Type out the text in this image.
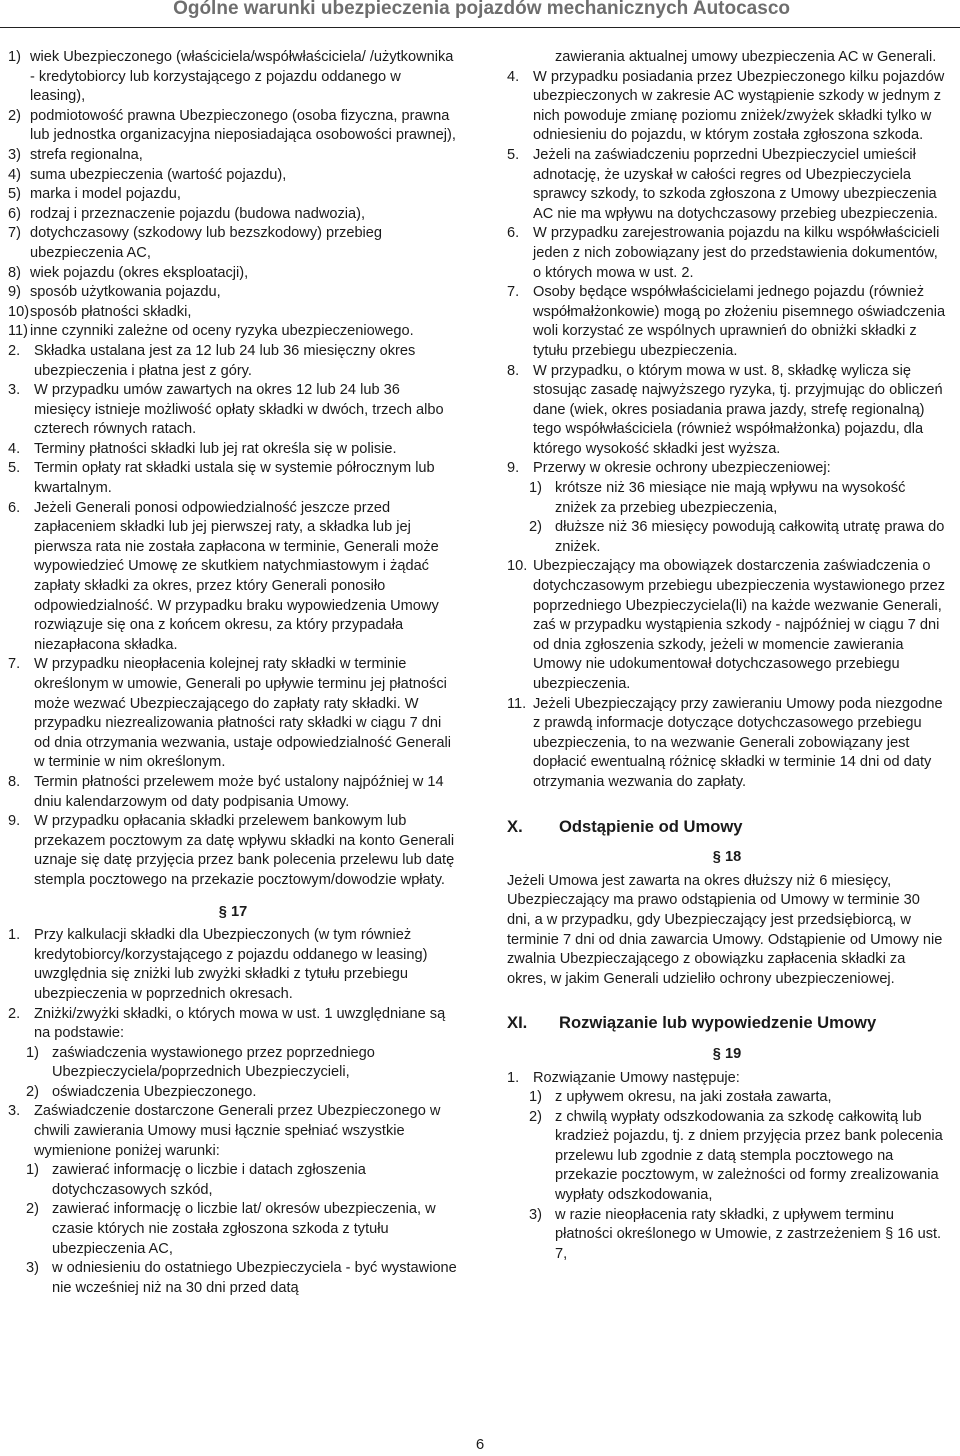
Ogólne warunki ubezpieczenia pojazdów mechanicznych Autocasco
1) wiek Ubezpieczonego (właściciela/współwłaściciela/ /użytkownika - kredytobiorcy lub korzystającego z pojazdu oddanego w leasing),
2) podmiotowość prawna Ubezpieczonego (osoba fizyczna, prawna lub jednostka organizacyjna nieposiadająca osobowości prawnej),
3) strefa regionalna,
4) suma ubezpieczenia (wartość pojazdu),
5) marka i model pojazdu,
6) rodzaj i przeznaczenie pojazdu (budowa nadwozia),
7) dotychczasowy (szkodowy lub bezszkodowy) przebieg ubezpieczenia AC,
8) wiek pojazdu (okres eksploatacji),
9) sposób użytkowania pojazdu,
10) sposób płatności składki,
11) inne czynniki zależne od oceny ryzyka ubezpieczeniowego.
2. Składka ustalana jest za 12 lub 24 lub 36 miesięczny okres ubezpieczenia i płatna jest z góry.
3. W przypadku umów zawartych na okres 12 lub 24 lub 36 miesięcy istnieje możliwość opłaty składki w dwóch, trzech albo czterech równych ratach.
4. Terminy płatności składki lub jej rat określa się w polisie.
5. Termin opłaty rat składki ustala się w systemie półrocznym lub kwartalnym.
6. Jeżeli Generali ponosi odpowiedzialność jeszcze przed zapłaceniem składki lub jej pierwszej raty, a składka lub jej pierwsza rata nie została zapłacona w terminie, Generali może wypowiedzieć Umowę ze skutkiem natychmiastowym i żądać zapłaty składki za okres, przez który Generali ponosiło odpowiedzialność. W przypadku braku wypowiedzenia Umowy rozwiązuje się ona z końcem okresu, za który przypadała niezapłacona składka.
7. W przypadku nieopłacenia kolejnej raty składki w terminie określonym w umowie, Generali po upływie terminu jej płatności może wezwać Ubezpieczającego do zapłaty raty składki. W przypadku niezrealizowania płatności raty składki w ciągu 7 dni od dnia otrzymania wezwania, ustaje odpowiedzialność Generali w terminie w nim określonym.
8. Termin płatności przelewem może być ustalony najpóźniej w 14 dniu kalendarzowym od daty podpisania Umowy.
9. W przypadku opłacania składki przelewem bankowym lub przekazem pocztowym za datę wpływu składki na konto Generali uznaje się datę przyjęcia przez bank polecenia przelewu lub datę stempla pocztowego na przekazie pocztowym/dowodzie wpłaty.
§ 17
1. Przy kalkulacji składki dla Ubezpieczonych (w tym również kredytobiorcy/korzystającego z pojazdu oddanego w leasing) uwzględnia się zniżki lub zwyżki składki z tytułu przebiegu ubezpieczenia w poprzednich okresach.
2. Zniżki/zwyżki składki, o których mowa w ust. 1 uwzględniane są na podstawie:
1) zaświadczenia wystawionego przez poprzedniego Ubezpieczyciela/poprzednich Ubezpieczycieli,
2) oświadczenia Ubezpieczonego.
3. Zaświadczenie dostarczone Generali przez Ubezpieczonego w chwili zawierania Umowy musi łącznie spełniać wszystkie wymienione poniżej warunki:
1) zawierać informację o liczbie i datach zgłoszenia dotychczasowych szkód,
2) zawierać informację o liczbie lat/ okresów ubezpieczenia, w czasie których nie została zgłoszona szkoda z tytułu ubezpieczenia AC,
3) w odniesieniu do ostatniego Ubezpieczyciela - być wystawione nie wcześniej niż na 30 dni przed datą
zawierania aktualnej umowy ubezpieczenia AC w Generali.
4. W przypadku posiadania przez Ubezpieczonego kilku pojazdów ubezpieczonych w zakresie AC wystąpienie szkody w jednym z nich powoduje zmianę poziomu zniżek/zwyżek składki tylko w odniesieniu do pojazdu, w którym została zgłoszona szkoda.
5. Jeżeli na zaświadczeniu poprzedni Ubezpieczyciel umieścił adnotację, że uzyskał w całości regres od Ubezpieczyciela sprawcy szkody, to szkoda zgłoszona z Umowy ubezpieczenia AC nie ma wpływu na dotychczasowy przebieg ubezpieczenia.
6. W przypadku zarejestrowania pojazdu na kilku współwłaścicieli jeden z nich zobowiązany jest do przedstawienia dokumentów, o których mowa w ust. 2.
7. Osoby będące współwłaścicielami jednego pojazdu (również współmałżonkowie) mogą po złożeniu pisemnego oświadczenia woli korzystać ze wspólnych uprawnień do obniżki składki z tytułu przebiegu ubezpieczenia.
8. W przypadku, o którym mowa w ust. 8, składkę wylicza się stosując zasadę najwyższego ryzyka, tj. przyjmując do obliczeń dane (wiek, okres posiadania prawa jazdy, strefę regionalną) tego współwłaściciela (również współmałżonka) pojazdu, dla którego wysokość składki jest wyższa.
9. Przerwy w okresie ochrony ubezpieczeniowej:
1) krótsze niż 36 miesiące nie mają wpływu na wysokość zniżek za przebieg ubezpieczenia,
2) dłuższe niż 36 miesięcy powodują całkowitą utratę prawa do zniżek.
10. Ubezpieczający ma obowiązek dostarczenia zaświadczenia o dotychczasowym przebiegu ubezpieczenia wystawionego przez poprzedniego Ubezpieczyciela(li) na każde wezwanie Generali, zaś w przypadku wystąpienia szkody - najpóźniej w ciągu 7 dni od dnia zgłoszenia szkody, jeżeli w momencie zawierania Umowy nie udokumentował dotychczasowego przebiegu ubezpieczenia.
11. Jeżeli Ubezpieczający przy zawieraniu Umowy poda niezgodne z prawdą informacje dotyczące dotychczasowego przebiegu ubezpieczenia, to na wezwanie Generali zobowiązany jest dopłacić ewentualną różnicę składki w terminie 14 dni od daty otrzymania wezwania do zapłaty.
X.	Odstąpienie od Umowy
§ 18

Jeżeli Umowa jest zawarta na okres dłuższy niż 6 miesięcy, Ubezpieczający ma prawo odstąpienia od Umowy w terminie 30 dni, a w przypadku, gdy Ubezpieczający jest przedsiębiorcą, w terminie 7 dni od dnia zawarcia Umowy. Odstąpienie od Umowy nie zwalnia Ubezpieczającego z obowiązku zapłacenia składki za okres, w jakim Generali udzieliło ochrony ubezpieczeniowej.

XI.	Rozwiązanie lub wypowiedzenie Umowy
§ 19
1. Rozwiązanie Umowy następuje:
1) z upływem okresu, na jaki została zawarta,
2) z chwilą wypłaty odszkodowania za szkodę całkowitą lub kradzież pojazdu, tj. z dniem przyjęcia przez bank polecenia przelewu lub zgodnie z datą stempla pocztowego na przekazie pocztowym, w zależności od formy zrealizowania wypłaty odszkodowania,
3) w razie nieopłacenia raty składki, z upływem terminu płatności określonego w Umowie, z zastrzeżeniem § 16 ust. 7,
6
